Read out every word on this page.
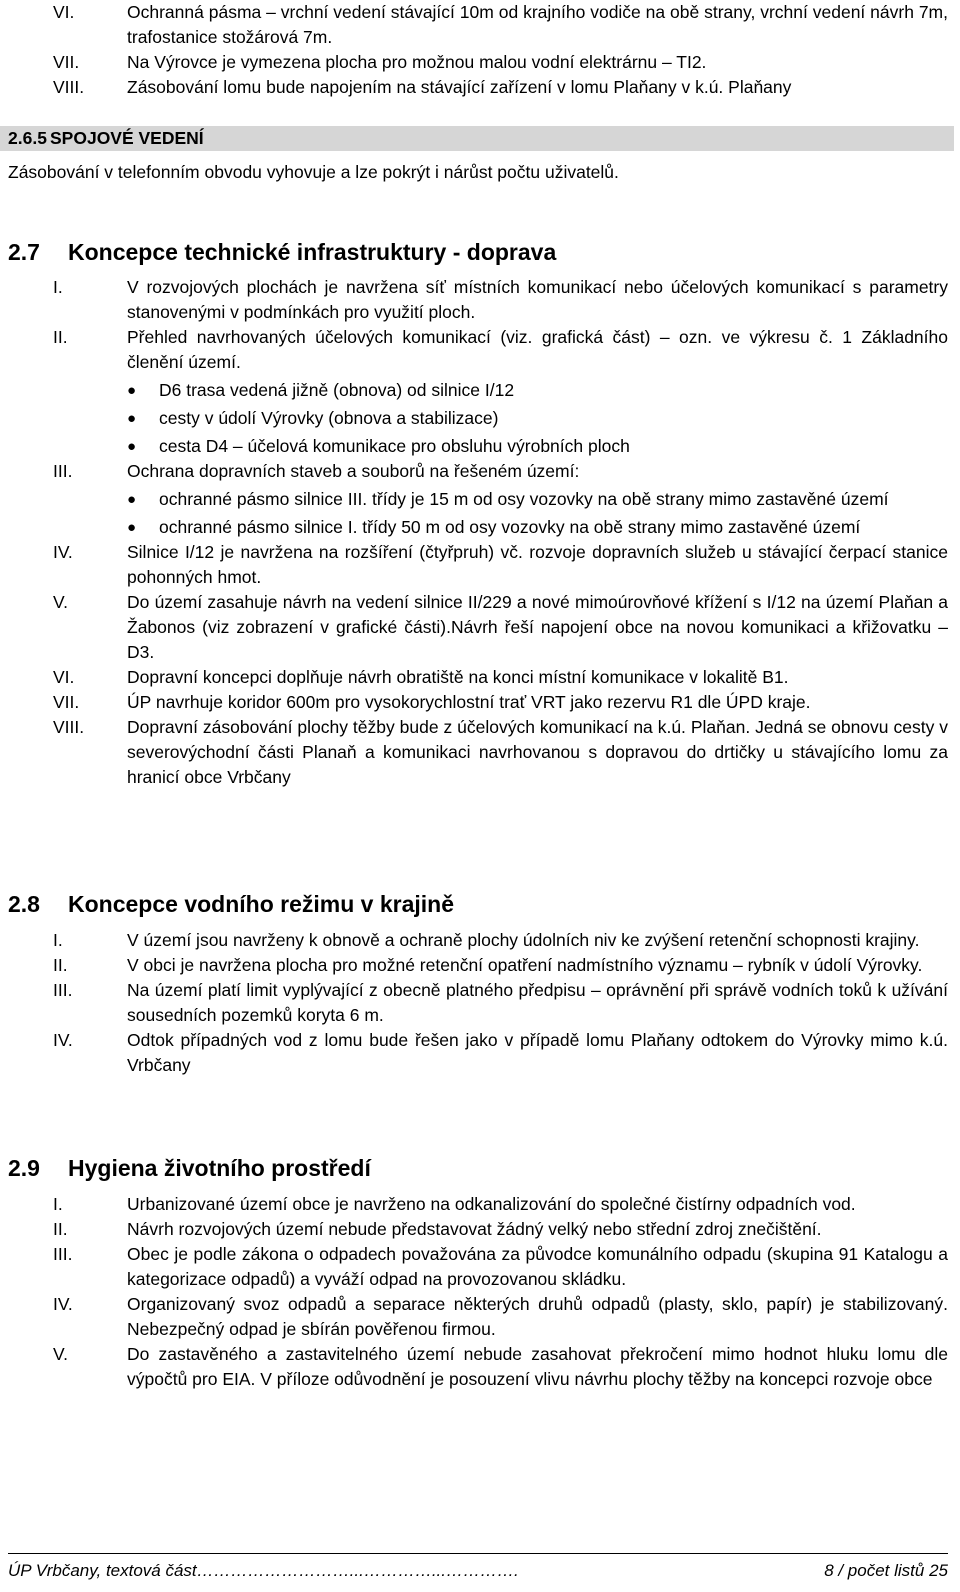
VI.	Ochranná pásma – vrchní vedení stávající 10m od krajního vodiče na obě strany, vrchní vedení návrh 7m, trafostanice stožárová 7m.
VII.	Na Výrovce je vymezena plocha pro možnou malou vodní elektrárnu – TI2.
VIII. Zásobování lomu bude napojením na stávající zařízení v lomu Plaňany v k.ú. Plaňany
2.6.5 SPOJOVÉ VEDENÍ
Zásobování v telefonním obvodu vyhovuje a lze pokrýt i nárůst počtu uživatelů.
2.7 Koncepce technické infrastruktury - doprava
I.	V rozvojových plochách je navržena síť místních komunikací nebo účelových komunikací s parametry stanovenými v podmínkách pro využití ploch.
II.	Přehled navrhovaných účelových komunikací (viz. grafická část) – ozn. ve výkresu č. 1 Základního členění území.
● D6 trasa vedená jižně (obnova) od silnice I/12
● cesty v údolí Výrovky (obnova a stabilizace)
● cesta D4 – účelová komunikace pro obsluhu výrobních ploch
III.	Ochrana dopravních staveb a souborů na řešeném území:
● ochranné pásmo silnice III. třídy je 15 m od osy vozovky na obě strany mimo zastavěné území
● ochranné pásmo silnice I. třídy 50 m od osy vozovky na obě strany mimo zastavěné území
IV.	Silnice I/12 je navržena na rozšíření (čtyřpruh) vč. rozvoje dopravních služeb u stávající čerpací stanice pohonných hmot.
V.	Do území zasahuje návrh na vedení silnice II/229 a nové mimoúrovňové křížení s I/12 na území Plaňan a Žabonos (viz zobrazení v grafické části).Návrh řeší napojení obce na novou komunikaci a křižovatku – D3.
VI.	Dopravní koncepci doplňuje návrh obratiště na konci místní komunikace v lokalitě B1.
VII.	ÚP navrhuje koridor 600m pro vysokorychlostní trať VRT jako rezervu R1 dle ÚPD kraje.
VIII. Dopravní zásobování plochy těžby bude z účelových komunikací na k.ú. Plaňan. Jedná se obnovu cesty v severovýchodní části Planaň a komunikaci navrhovanou s dopravou do drtičky u stávajícího lomu za hranicí obce Vrbčany
2.8 Koncepce vodního režimu v krajině
I.	V území jsou navrženy k obnově a ochraně plochy údolních niv ke zvýšení retenční schopnosti krajiny.
II.	V obci je navržena plocha pro možné retenční opatření nadmístního významu – rybník v údolí Výrovky.
III.	Na území platí limit vyplývající z obecně platného předpisu – oprávnění při správě vodních toků k užívání sousedních pozemků koryta 6 m.
IV.	Odtok případných vod z lomu bude řešen jako v případě lomu Plaňany odtokem do Výrovky mimo k.ú. Vrbčany
2.9 Hygiena životního prostředí
I.	Urbanizované území obce je navrženo na odkanalizování do společné čistírny odpadních vod.
II.	Návrh rozvojových území nebude představovat žádný velký nebo střední zdroj znečištění.
III.	Obec je podle zákona o odpadech považována za původce komunálního odpadu (skupina 91 Katalogu a kategorizace odpadů) a vyváží odpad na provozovanou skládku.
IV.	Organizovaný svoz odpadů a separace některých druhů odpadů (plasty, sklo, papír) je stabilizovaný. Nebezpečný odpad je sbírán pověřenou firmou.
V.	Do zastavěného a zastavitelného území nebude zasahovat překročení mimo hodnot hluku lomu dle výpočtů pro EIA. V příloze odůvodnění je posouzení vlivu návrhu plochy těžby na koncepci rozvoje obce
ÚP Vrbčany, textová část………………………...…………...………….	8 / počet listů 25
